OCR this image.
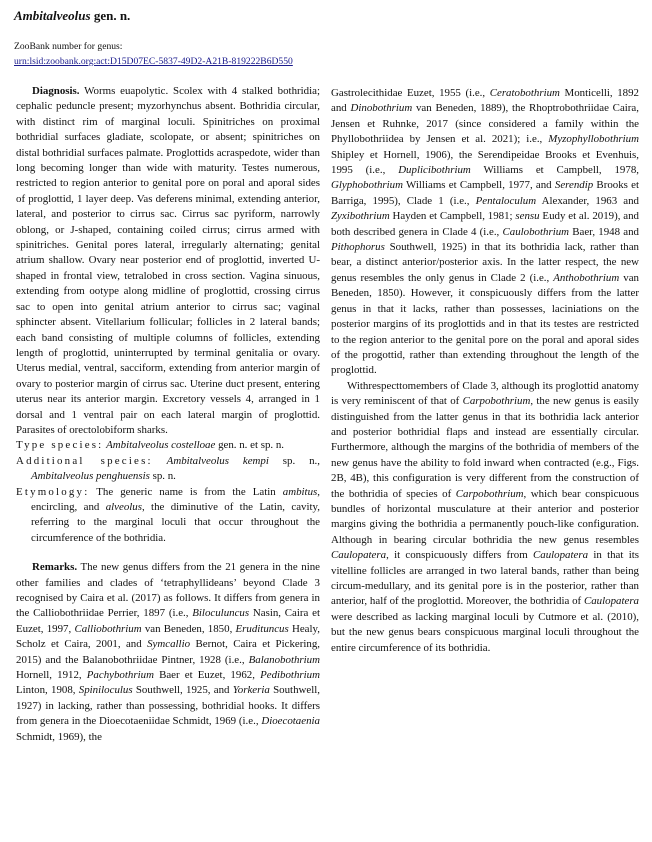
Ambitalveolus gen. n.
ZooBank number for genus:
urn:lsid:zoobank.org:act:D15D07EC-5837-49D2-A21B-819222B6D550

Diagnosis. Worms euapolytic. Scolex with 4 stalked bothridia; cephalic peduncle present; myzorhynchus absent. Bothridia circular, with distinct rim of marginal loculi. Spinitriches on proximal bothridial surfaces gladiate, scolopate, or absent; spinitriches on distal bothridial surfaces palmate. Proglottids acraspedote, wider than long becoming longer than wide with maturity. Testes numerous, restricted to region anterior to genital pore on poral and aporal sides of proglottid, 1 layer deep. Vas deferens minimal, extending anterior, lateral, and posterior to cirrus sac. Cirrus sac pyriform, narrowly oblong, or J-shaped, containing coiled cirrus; cirrus armed with spinitriches. Genital pores lateral, irregularly alternating; genital atrium shallow. Ovary near posterior end of proglottid, inverted U-shaped in frontal view, tetralobed in cross section. Vagina sinuous, extending from ootype along midline of proglottid, crossing cirrus sac to open into genital atrium anterior to cirrus sac; vaginal sphincter absent. Vitellarium follicular; follicles in 2 lateral bands; each band consisting of multiple columns of follicles, extending length of proglottid, uninterrupted by terminal genitalia or ovary. Uterus medial, ventral, sacciform, extending from anterior margin of ovary to posterior margin of cirrus sac. Uterine duct present, entering uterus near its anterior margin. Excretory vessels 4, arranged in 1 dorsal and 1 ventral pair on each lateral margin of proglottid. Parasites of orectolobiform sharks.

Type species: Ambitalveolus costelloae gen. n. et sp. n.

Additional species: Ambitalveolus kempi sp. n., Ambitalveolus penghuensis sp. n.

Etymology: The generic name is from the Latin ambitus, encircling, and alveolus, the diminutive of the Latin, cavity, referring to the marginal loculi that occur throughout the circumference of the bothridia.

Remarks. The new genus differs from the 21 genera in the nine other families and clades of ‘tetraphyllideans’ beyond Clade 3 recognised by Caira et al. (2017) as follows. It differs from genera in the Calliobothriidae Perrier, 1897 (i.e., Biloculuncus Nasin, Caira et Euzet, 1997, Calliobothrium van Beneden, 1850, Erudituncus Healy, Scholz et Caira, 2001, and Symcallio Bernot, Caira et Pickering, 2015) and the Balanobothriidae Pintner, 1928 (i.e., Balanobothrium Hornell, 1912, Pachybothrium Baer et Euzet, 1962, Pedibothrium Linton, 1908, Spiniloculus Southwell, 1925, and Yorkeria Southwell, 1927) in lacking, rather than possessing, bothridial hooks. It differs from genera in the Dioecotaeniidae Schmidt, 1969 (i.e., Dioecotaenia Schmidt, 1969), the

Gastrolecithidae Euzet, 1955 (i.e., Ceratobothrium Monticelli, 1892 and Dinobothrium van Beneden, 1889), the Rhoptrobothriidae Caira, Jensen et Ruhnke, 2017 (since considered a family within the Phyllobothriidea by Jensen et al. 2021); i.e., Myzophyllobothrium Shipley et Hornell, 1906), the Serendipeidae Brooks et Evenhuis, 1995 (i.e., Duplicibothrium Williams et Campbell, 1978, Glyphobothrium Williams et Campbell, 1977, and Serendip Brooks et Barriga, 1995), Clade 1 (i.e., Pentaloculum Alexander, 1963 and Zyxibothrium Hayden et Campbell, 1981; sensu Eudy et al. 2019), and both described genera in Clade 4 (i.e., Caulobothrium Baer, 1948 and Pithophorus Southwell, 1925) in that its bothridia lack, rather than bear, a distinct anterior/posterior axis. In the latter respect, the new genus resembles the only genus in Clade 2 (i.e., Anthobothrium van Beneden, 1850). However, it conspicuously differs from the latter genus in that it lacks, rather than possesses, laciniations on the posterior margins of its proglottids and in that its testes are restricted to the region anterior to the genital pore on the poral and aporal sides of the progottid, rather than extending throughout the length of the proglottid.

Withrespecttomembers of Clade 3, although its proglottid anatomy is very reminiscent of that of Carpobothrium, the new genus is easily distinguished from the latter genus in that its bothridia lack anterior and posterior bothridial flaps and instead are essentially circular. Furthermore, although the margins of the bothridia of members of the new genus have the ability to fold inward when contracted (e.g., Figs. 2B, 4B), this configuration is very different from the construction of the bothridia of species of Carpobothrium, which bear conspicuous bundles of horizontal musculature at their anterior and posterior margins giving the bothridia a permanently pouch-like configuration. Although in bearing circular bothridia the new genus resembles Caulopatera, it conspicuously differs from Caulopatera in that its vitelline follicles are arranged in two lateral bands, rather than being circum-medullary, and its genital pore is in the posterior, rather than anterior, half of the proglottid. Moreover, the bothridia of Caulopatera were described as lacking marginal loculi by Cutmore et al. (2010), but the new genus bears conspicuous marginal loculi throughout the entire circumference of its bothridia.
